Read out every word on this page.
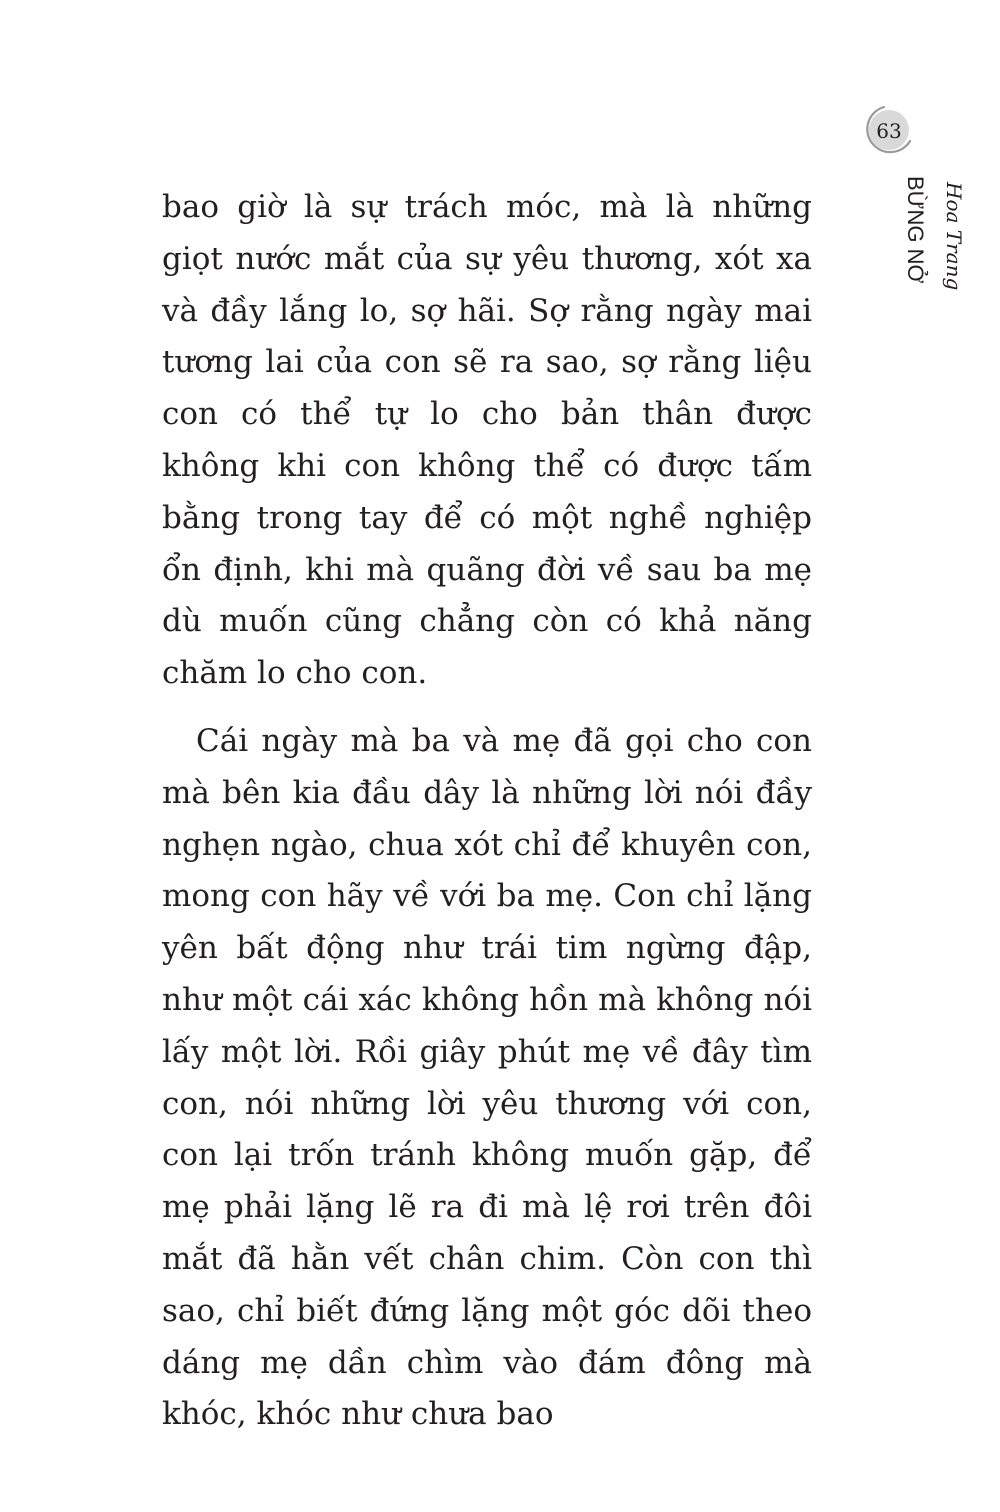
63
Hoa Trang
BỪNG NỞ

bao giờ là sự trách móc, mà là những giọt nước mắt của sự yêu thương, xót xa và đầy lắng lo, sợ hãi. Sợ rằng ngày mai tương lai của con sẽ ra sao, sợ rằng liệu con có thể tự lo cho bản thân được không khi con không thể có được tấm bằng trong tay để có một nghề nghiệp ổn định, khi mà quãng đời về sau ba mẹ dù muốn cũng chẳng còn có khả năng chăm lo cho con.

Cái ngày mà ba và mẹ đã gọi cho con mà bên kia đầu dây là những lời nói đầy nghẹn ngào, chua xót chỉ để khuyên con, mong con hãy về với ba mẹ. Con chỉ lặng yên bất động như trái tim ngừng đập, như một cái xác không hồn mà không nói lấy một lời. Rồi giây phút mẹ về đây tìm con, nói những lời yêu thương với con, con lại trốn tránh không muốn gặp, để mẹ phải lặng lẽ ra đi mà lệ rơi trên đôi mắt đã hằn vết chân chim. Còn con thì sao, chỉ biết đứng lặng một góc dõi theo dáng mẹ dần chìm vào đám đông mà khóc, khóc như chưa bao
